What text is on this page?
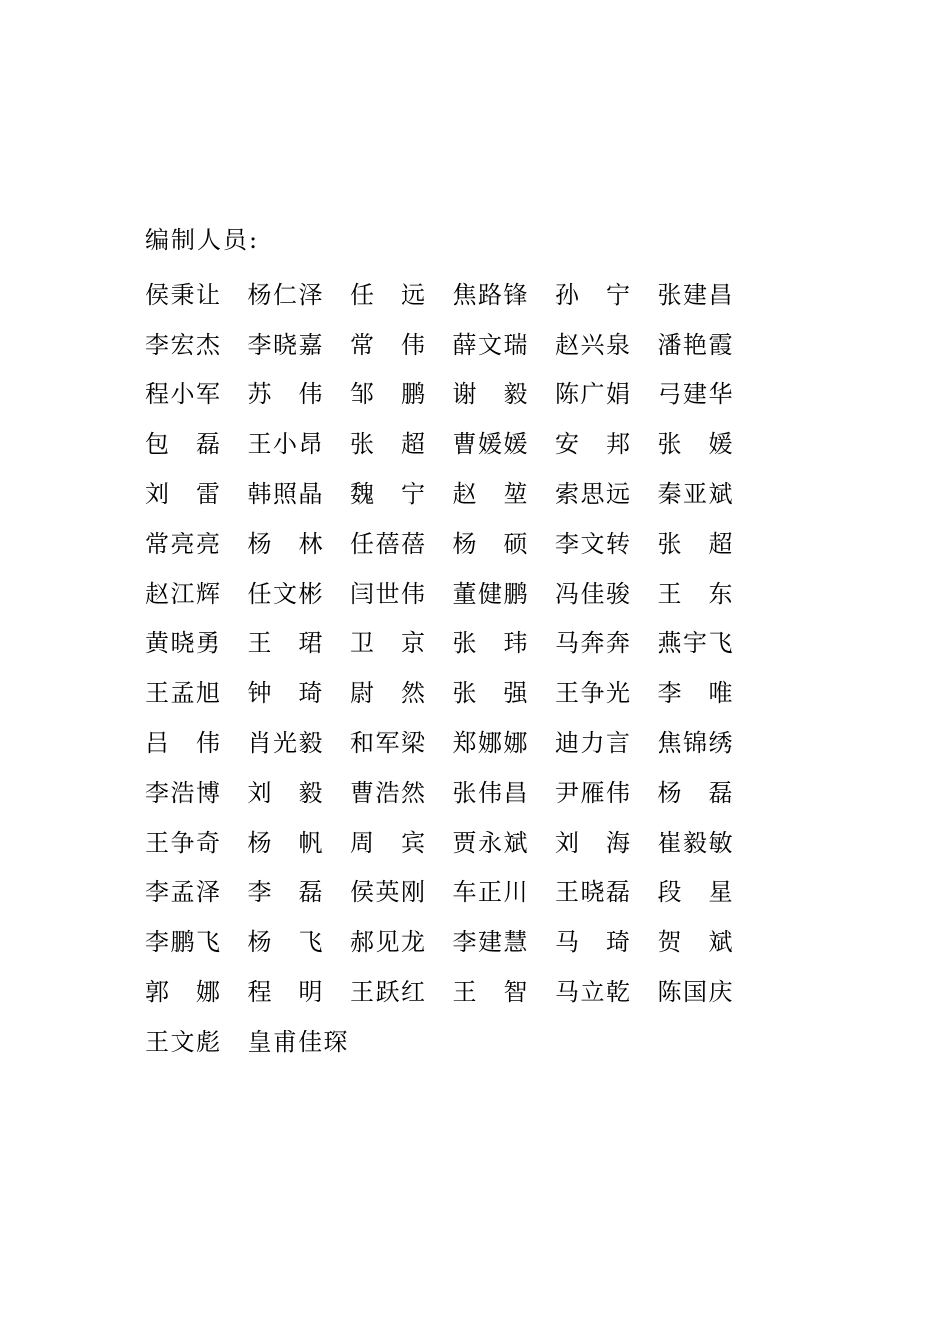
编制人员:
侯 秉 让 杨 仁 泽 任 远 焦 路 锋 孙 宁 张 建 昌
李 宏 杰 李 晓 嘉 常 伟 薛 文 瑞 赵 兴 泉 潘 艳 霞
程 小 军 苏 伟 邹 鹏 谢 毅 陈 广 娟 弓 建 华
包 磊 王 小 昂 张 超 曹 媛 媛 安 邦 张 媛
刘 雷 韩 照 晶 魏 宁 赵 堃 索 思 远 秦 亚 斌
常 亮 亮 杨 林 任 蓓 蓓 杨 硕 李 文 转 张 超
赵 江 辉 任 文 彬 闫 世 伟 董 健 鹏 冯 佳 骏 王 东
黄 晓 勇 王 珺 卫 京 张 玮 马 奔 奔 燕 宇 飞
王 孟 旭 钟 琦 尉 然 张 强 王 争 光 李 唯
吕 伟 肖 光 毅 和 军 梁 郑 娜 娜 迪 力 言 焦 锦 绣
李 浩 博 刘 毅 曹 浩 然 张 伟 昌 尹 雁 伟 杨 磊
王 争 奇 杨 帆 周 宾 贾 永 斌 刘 海 崔 毅 敏
李 孟 泽 李 磊 侯 英 刚 车 正 川 王 晓 磊 段 星
李 鹏 飞 杨 飞 郝 见 龙 李 建 慧 马 琦 贺 斌
郭 娜 程 明 王 跃 红 王 智 马 立 乾 陈 国 庆
王 文 彪 皇 甫 佳 琛
